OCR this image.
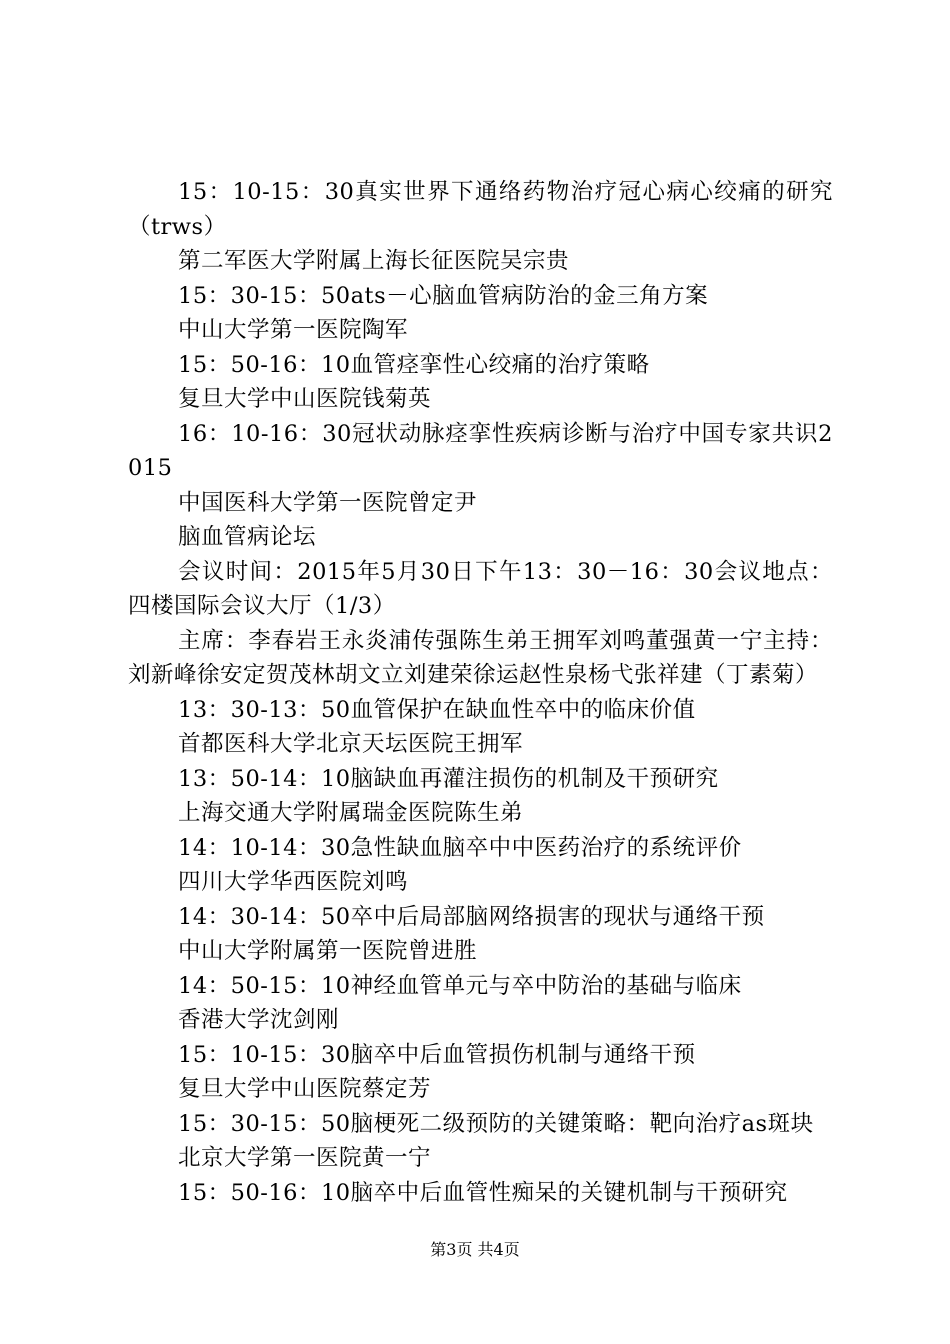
15：10-15：30真实世界下通络药物治疗冠心病心绞痛的研究（trws）

第二军医大学附属上海长征医院吴宗贵

15：30-15：50ats－心脑血管病防治的金三角方案

中山大学第一医院陶军

15：50-16：10血管痉挛性心绞痛的治疗策略

复旦大学中山医院钱菊英

16：10-16：30冠状动脉痉挛性疾病诊断与治疗中国专家共识2015

中国医科大学第一医院曾定尹

脑血管病论坛

会议时间：2015年5月30日下午13：30－16：30会议地点：四楼国际会议大厅（1/3）

主席：李春岩王永炎浦传强陈生弟王拥军刘鸣董强黄一宁主持：刘新峰徐安定贺茂林胡文立刘建荣徐运赵性泉杨弋张祥建（丁素菊）

13：30-13：50血管保护在缺血性卒中的临床价值

首都医科大学北京天坛医院王拥军

13：50-14：10脑缺血再灌注损伤的机制及干预研究

上海交通大学附属瑞金医院陈生弟

14：10-14：30急性缺血脑卒中中医药治疗的系统评价

四川大学华西医院刘鸣

14：30-14：50卒中后局部脑网络损害的现状与通络干预

中山大学附属第一医院曾进胜

14：50-15：10神经血管单元与卒中防治的基础与临床

香港大学沈剑刚

15：10-15：30脑卒中后血管损伤机制与通络干预

复旦大学中山医院蔡定芳

15：30-15：50脑梗死二级预防的关键策略：靶向治疗as斑块

北京大学第一医院黄一宁

15：50-16：10脑卒中后血管性痴呆的关键机制与干预研究

第3页 共4页
